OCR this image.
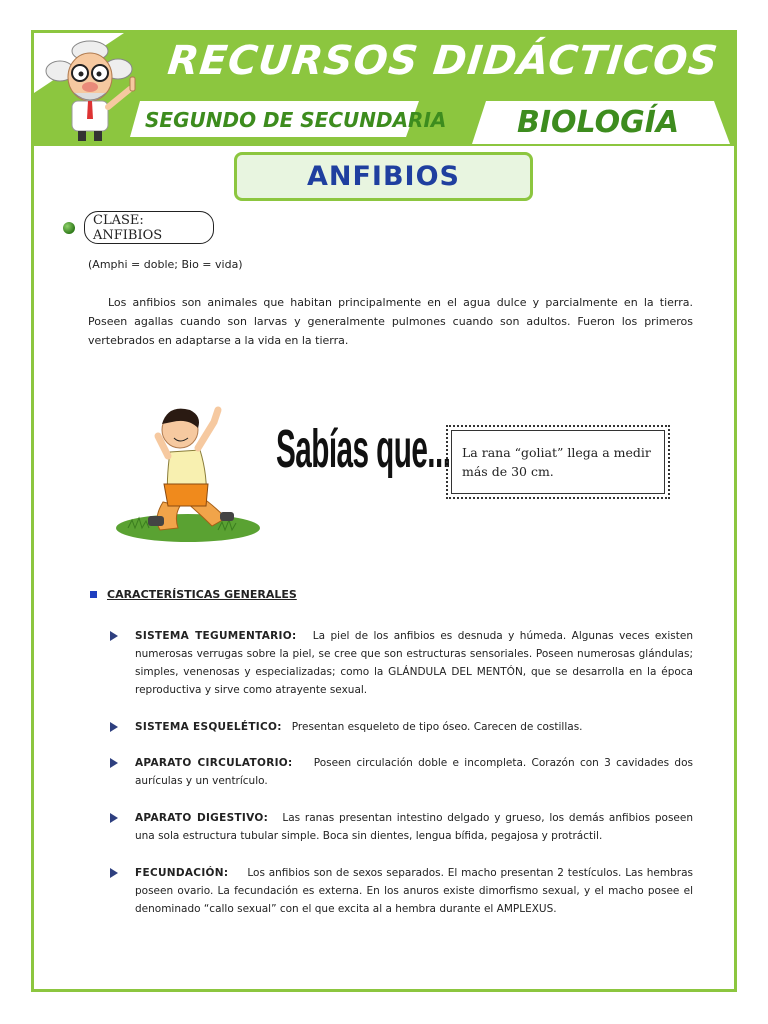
RECURSOS DIDÁCTICOS
SEGUNDO DE SECUNDARIA BIOLOGÍA
ANFIBIOS
CLASE: ANFIBIOS
(Amphi = doble; Bio = vida)
Los anfibios son animales que habitan principalmente en el agua dulce y parcialmente en la tierra. Poseen agallas cuando son larvas y generalmente pulmones cuando son adultos. Fueron los primeros vertebrados en adaptarse a la vida en la tierra.
Sabías que... La rana “goliat” llega a medir más de 30 cm.
CARACTERÍSTICAS GENERALES
SISTEMA TEGUMENTARIO: La piel de los anfibios es desnuda y húmeda. Algunas veces existen numerosas verrugas sobre la piel, se cree que son estructuras sensoriales. Poseen numerosas glándulas; simples, venenosas y especializadas; como la GLÁNDULA DEL MENTÓN, que se desarrolla en la época reproductiva y sirve como atrayente sexual.
SISTEMA ESQUELÉTICO: Presentan esqueleto de tipo óseo. Carecen de costillas.
APARATO CIRCULATORIO: Poseen circulación doble e incompleta. Corazón con 3 cavidades dos aurículas y un ventrículo.
APARATO DIGESTIVO: Las ranas presentan intestino delgado y grueso, los demás anfibios poseen una sola estructura tubular simple. Boca sin dientes, lengua bífida, pegajosa y protráctil.
FECUNDACIÓN: Los anfibios son de sexos separados. El macho presentan 2 testículos. Las hembras poseen ovario. La fecundación es externa. En los anuros existe dimorfismo sexual, y el macho posee el denominado “callo sexual” con el que excita al a hembra durante el AMPLEXUS.
